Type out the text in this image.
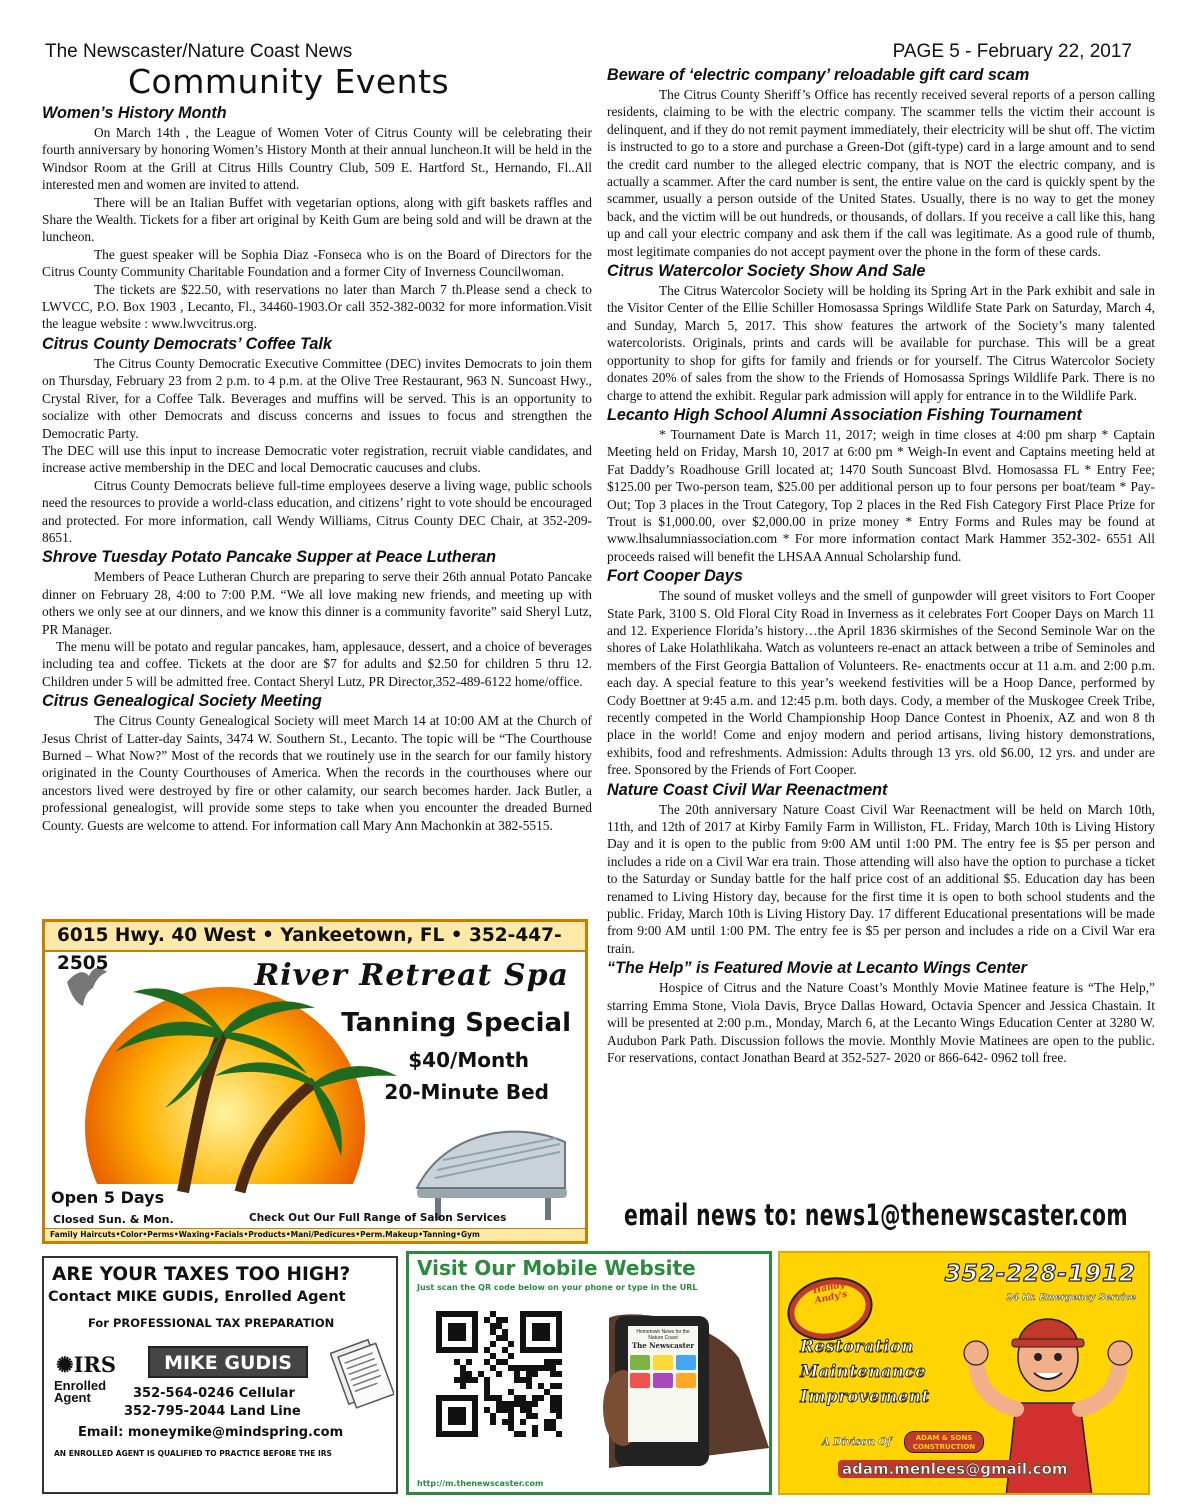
The Newscaster/Nature Coast News	PAGE 5 - February 22, 2017
Community Events
Women’s History Month

On March 14th , the League of Women Voter of Citrus County will be celebrating their fourth anniversary by honoring Women’s History Month at their annual luncheon.It will be held in the Windsor Room at the Grill at Citrus Hills Country Club, 509 E. Hartford St., Hernando, Fl..All interested men and women are invited to attend.

There will be an Italian Buffet with vegetarian options, along with gift baskets raffles and Share the Wealth. Tickets for a fiber art original by Keith Gum are being sold and will be drawn at the luncheon.

The guest speaker will be Sophia Diaz -Fonseca who is on the Board of Directors for the Citrus County Community Charitable Foundation and a former City of Inverness Councilwoman.

The tickets are $22.50, with reservations no later than March 7 th.Please send a check to LWVCC, P.O. Box 1903 , Lecanto, Fl., 34460-1903.Or call 352-382-0032 for more information.Visit the league website : www.lwvcitrus.org.

Citrus County Democrats’ Coffee Talk

The Citrus County Democratic Executive Committee (DEC) invites Democrats to join them on Thursday, February 23 from 2 p.m. to 4 p.m. at the Olive Tree Restaurant, 963 N. Suncoast Hwy., Crystal River, for a Coffee Talk. Beverages and muffins will be served. This is an opportunity to socialize with other Democrats and discuss concerns and issues to focus and strengthen the Democratic Party.

The DEC will use this input to increase Democratic voter registration, recruit viable candidates, and increase active membership in the DEC and local Democratic caucuses and clubs.

Citrus County Democrats believe full-time employees deserve a living wage, public schools need the resources to provide a world-class education, and citizens’ right to vote should be encouraged and protected. For more information, call Wendy Williams, Citrus County DEC Chair, at 352-209-8651.

Shrove Tuesday Potato Pancake Supper at Peace Lutheran

Members of Peace Lutheran Church are preparing to serve their 26th annual Potato Pancake dinner on February 28, 4:00 to 7:00 P.M. “We all love making new friends, and meeting up with others we only see at our dinners, and we know this dinner is a community favorite” said Sheryl Lutz, PR Manager.

The menu will be potato and regular pancakes, ham, applesauce, dessert, and a choice of beverages including tea and coffee. Tickets at the door are $7 for adults and $2.50 for children 5 thru 12. Children under 5 will be admitted free. Contact Sheryl Lutz, PR Director,352-489-6122 home/office.

Citrus Genealogical Society Meeting

The Citrus County Genealogical Society will meet March 14 at 10:00 AM at the Church of Jesus Christ of Latter-day Saints, 3474 W. Southern St., Lecanto. The topic will be “The Courthouse Burned – What Now?” Most of the records that we routinely use in the search for our family history originated in the County Courthouses of America. When the records in the courthouses where our ancestors lived were destroyed by fire or other calamity, our search becomes harder. Jack Butler, a professional genealogist, will provide some steps to take when you encounter the dreaded Burned County. Guests are welcome to attend. For information call Mary Ann Machonkin at 382-5515.

Beware of ‘electric company’ reloadable gift card scam

The Citrus County Sheriff’s Office has recently received several reports of a person calling residents, claiming to be with the electric company. The scammer tells the victim their account is delinquent, and if they do not remit payment immediately, their electricity will be shut off. The victim is instructed to go to a store and purchase a Green-Dot (gift-type) card in a large amount and to send the credit card number to the alleged electric company, that is NOT the electric company, and is actually a scammer. After the card number is sent, the entire value on the card is quickly spent by the scammer, usually a person outside of the United States. Usually, there is no way to get the money back, and the victim will be out hundreds, or thousands, of dollars. If you receive a call like this, hang up and call your electric company and ask them if the call was legitimate. As a good rule of thumb, most legitimate companies do not accept payment over the phone in the form of these cards.

Citrus Watercolor Society Show And Sale

The Citrus Watercolor Society will be holding its Spring Art in the Park exhibit and sale in the Visitor Center of the Ellie Schiller Homosassa Springs Wildlife State Park on Saturday, March 4, and Sunday, March 5, 2017. This show features the artwork of the Society’s many talented watercolorists. Originals, prints and cards will be available for purchase. This will be a great opportunity to shop for gifts for family and friends or for yourself. The Citrus Watercolor Society donates 20% of sales from the show to the Friends of Homosassa Springs Wildlife Park. There is no charge to attend the exhibit. Regular park admission will apply for entrance in to the Wildlife Park.

Lecanto High School Alumni Association Fishing Tournament

* Tournament Date is March 11, 2017; weigh in time closes at 4:00 pm sharp * Captain Meeting held on Friday, Marsh 10, 2017 at 6:00 pm * Weigh-In event and Captains meeting held at Fat Daddy’s Roadhouse Grill located at; 1470 South Suncoast Blvd. Homosassa FL * Entry Fee; $125.00 per Two-person team, $25.00 per additional person up to four persons per boat/team * Pay-Out; Top 3 places in the Trout Category, Top 2 places in the Red Fish Category First Place Prize for Trout is $1,000.00, over $2,000.00 in prize money * Entry Forms and Rules may be found at www.lhsalumniassociation.com * For more information contact Mark Hammer 352-302- 6551 All proceeds raised will benefit the LHSAA Annual Scholarship fund.

Fort Cooper Days

The sound of musket volleys and the smell of gunpowder will greet visitors to Fort Cooper State Park, 3100 S. Old Floral City Road in Inverness as it celebrates Fort Cooper Days on March 11 and 12. Experience Florida’s history…the April 1836 skirmishes of the Second Seminole War on the shores of Lake Holathlikaha. Watch as volunteers re-enact an attack between a tribe of Seminoles and members of the First Georgia Battalion of Volunteers. Re- enactments occur at 11 a.m. and 2:00 p.m. each day. A special feature to this year’s weekend festivities will be a Hoop Dance, performed by Cody Boettner at 9:45 a.m. and 12:45 p.m. both days. Cody, a member of the Muskogee Creek Tribe, recently competed in the World Championship Hoop Dance Contest in Phoenix, AZ and won 8 th place in the world! Come and enjoy modern and period artisans, living history demonstrations, exhibits, food and refreshments. Admission: Adults through 13 yrs. old $6.00, 12 yrs. and under are free. Sponsored by the Friends of Fort Cooper.

Nature Coast Civil War Reenactment

The 20th anniversary Nature Coast Civil War Reenactment will be held on March 10th, 11th, and 12th of 2017 at Kirby Family Farm in Williston, FL. Friday, March 10th is Living History Day and it is open to the public from 9:00 AM until 1:00 PM. The entry fee is $5 per person and includes a ride on a Civil War era train. Those attending will also have the option to purchase a ticket to the Saturday or Sunday battle for the half price cost of an additional $5. Education day has been renamed to Living History day, because for the first time it is open to both school students and the public. Friday, March 10th is Living History Day. 17 different Educational presentations will be made from 9:00 AM until 1:00 PM. The entry fee is $5 per person and includes a ride on a Civil War era train.

“The Help” is Featured Movie at Lecanto Wings Center

Hospice of Citrus and the Nature Coast’s Monthly Movie Matinee feature is “The Help,” starring Emma Stone, Viola Davis, Bryce Dallas Howard, Octavia Spencer and Jessica Chastain. It will be presented at 2:00 p.m., Monday, March 6, at the Lecanto Wings Education Center at 3280 W. Audubon Park Path. Discussion follows the movie. Monthly Movie Matinees are open to the public. For reservations, contact Jonathan Beard at 352-527- 2020 or 866-642- 0962 toll free.

6015 Hwy. 40 West • Yankeetown, FL • 352-447-2505	River Retreat Spa
Tanning Special
$40/Month
20-Minute Bed
Open 5 Days
Closed Sun. & Mon.	Check Out Our Full Range of Salon Services
Family Haircuts•Color•Perms•Waxing•Facials•Products•Mani/Pedicures•Perm.Makeup•Tanning•Gym
email news to: news1@thenewscaster.com
ARE YOUR TAXES TOO HIGH?
Contact MIKE GUDIS, Enrolled Agent
For PROFESSIONAL TAX PREPARATION
✺IRS	MIKE GUDIS
Enrolled
Agent	352-564-0246 Cellular
352-795-2044 Land Line
Email: moneymike@mindspring.com
AN ENROLLED AGENT IS QUALIFIED TO PRACTICE BEFORE THE IRS
Visit Our Mobile Website
Just scan the QR code below on your phone or type in the URL
Hometown News for the Nature Coast
The Newscaster
http://m.thenewscaster.com
Handy Andy's
352-228-1912
24 Hr. Emergency Service
Restoration
Maintenance
Improvement
A Divison Of	ADAM & SONS
CONSTRUCTION
adam.menlees@gmail.com
